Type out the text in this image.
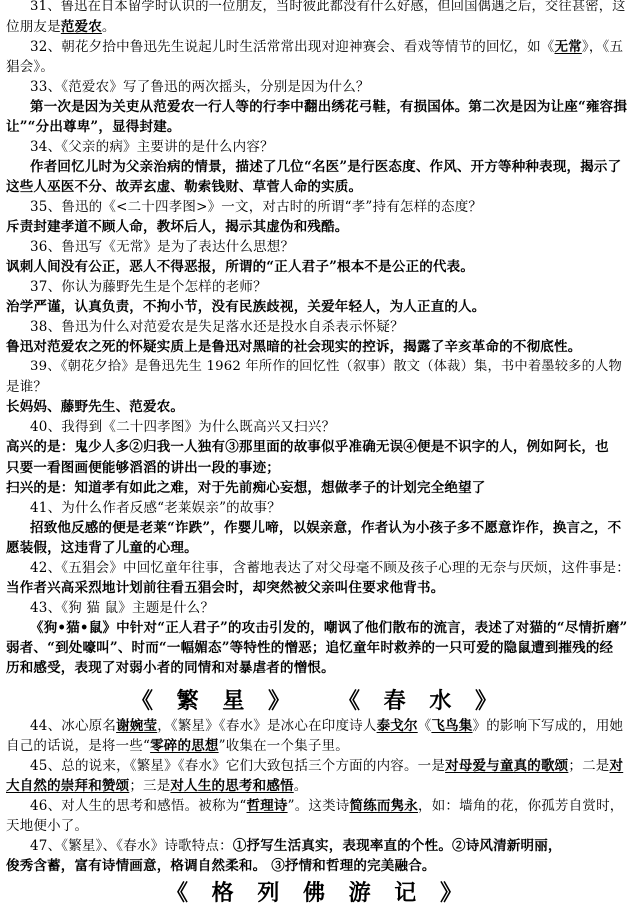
31、鲁迅在日本留学时认识的一位朋友，当时彼此都没有什么好感，但回国偶遇之后，交往甚密，这
位朋友是范爱农。
32、朝花夕拾中鲁迅先生说起儿时生活常常出现对迎神赛会、看戏等情节的回忆，如《无常》，《五
猖会》。
33、《范爱农》写了鲁迅的两次摇头，分别是因为什么？
第一次是因为关吏从范爱农一行人等的行李中翻出绣花弓鞋，有损国体。第二次是因为让座“雍容揖
让”“分出尊卑”，显得封建。
34、《父亲的病》主要讲的是什么内容？
作者回忆儿时为父亲治病的情景，描述了几位“名医”是行医态度、作风、开方等种种表现，揭示了
这些人巫医不分、故弄玄虚、勒索钱财、草菅人命的实质。
35、鲁迅的《<二十四孝图>》一文，对古时的所谓“孝”持有怎样的态度？
斥责封建孝道不顾人命，教坏后人，揭示其虚伪和残酷。
36、鲁迅写《无常》是为了表达什么思想？
讽刺人间没有公正，恶人不得恶报，所谓的“正人君子”根本不是公正的代表。
37、你认为藤野先生是个怎样的老师？
治学严谨，认真负责，不拘小节，没有民族歧视，关爱年轻人，为人正直的人。
38、鲁迅为什么对范爱农是失足落水还是投水自杀表示怀疑？
鲁迅对范爱农之死的怀疑实质上是鲁迅对黑暗的社会现实的控诉，揭露了辛亥革命的不彻底性。
39、《朝花夕拾》是鲁迅先生 1962 年所作的回忆性（叙事）散文（体裁）集，书中着墨较多的人物
是谁？
长妈妈、藤野先生、范爱农。
40、我得到《二十四孝图》为什么既高兴又扫兴？
高兴的是：鬼少人多②归我一人独有③那里面的故事似乎准确无误④便是不识字的人，例如阿长，也
只要一看图画便能够滔滔的讲出一段的事迹；
扫兴的是：知道孝有如此之难，对于先前痴心妄想，想做孝子的计划完全绝望了
41、为什么作者反感“老莱娱亲”的故事？
招致他反感的便是老莱“诈跌”，作婴儿啼，以娱亲意，作者认为小孩子多不愿意诈作，换言之，不
愿装假，这违背了儿童的心理。
42、《五猖会》中回忆童年往事，含蓄地表达了对父母毫不顾及孩子心理的无奈与厌烦，这件事是：
当作者兴高采烈地计划前往看五猖会时，却突然被父亲叫住要求他背书。
43、《狗 猫 鼠》主题是什么？
《狗•猫•鼠》中针对“正人君子”的攻击引发的，嘲讽了他们散布的流言，表述了对猫的“尽情折磨”
弱者、“到处嚎叫”、时而“一幅媚态”等特性的憎恶；追忆童年时救养的一只可爱的隐鼠遭到摧残的经
历和感受，表现了对弱小者的同情和对暴虐者的憎恨。
《 繁 星 》 《 春 水 》
44、冰心原名谢婉莹，《繁星》《春水》是冰心在印度诗人泰戈尔《飞鸟集》的影响下写成的，用她
自己的话说，是将一些“零碎的思想”收集在一个集子里。
45、总的说来，《繁星》《春水》它们大致包括三个方面的内容。一是对母爱与童真的歌颂；二是对
大自然的崇拜和赞颂；三是对人生的思考和感悟。
46、对人生的思考和感悟。被称为“哲理诗”。这类诗简练而隽永，如：墙角的花，你孤芳自赏时，
天地便小了。
47、《繁星》、《春水》诗歌特点：①抒写生活真实，表现率直的个性。②诗风清新明丽，
俊秀含蓄，富有诗情画意，格调自然柔和。 ③抒情和哲理的完美融合。
《 格 列 佛 游 记 》
